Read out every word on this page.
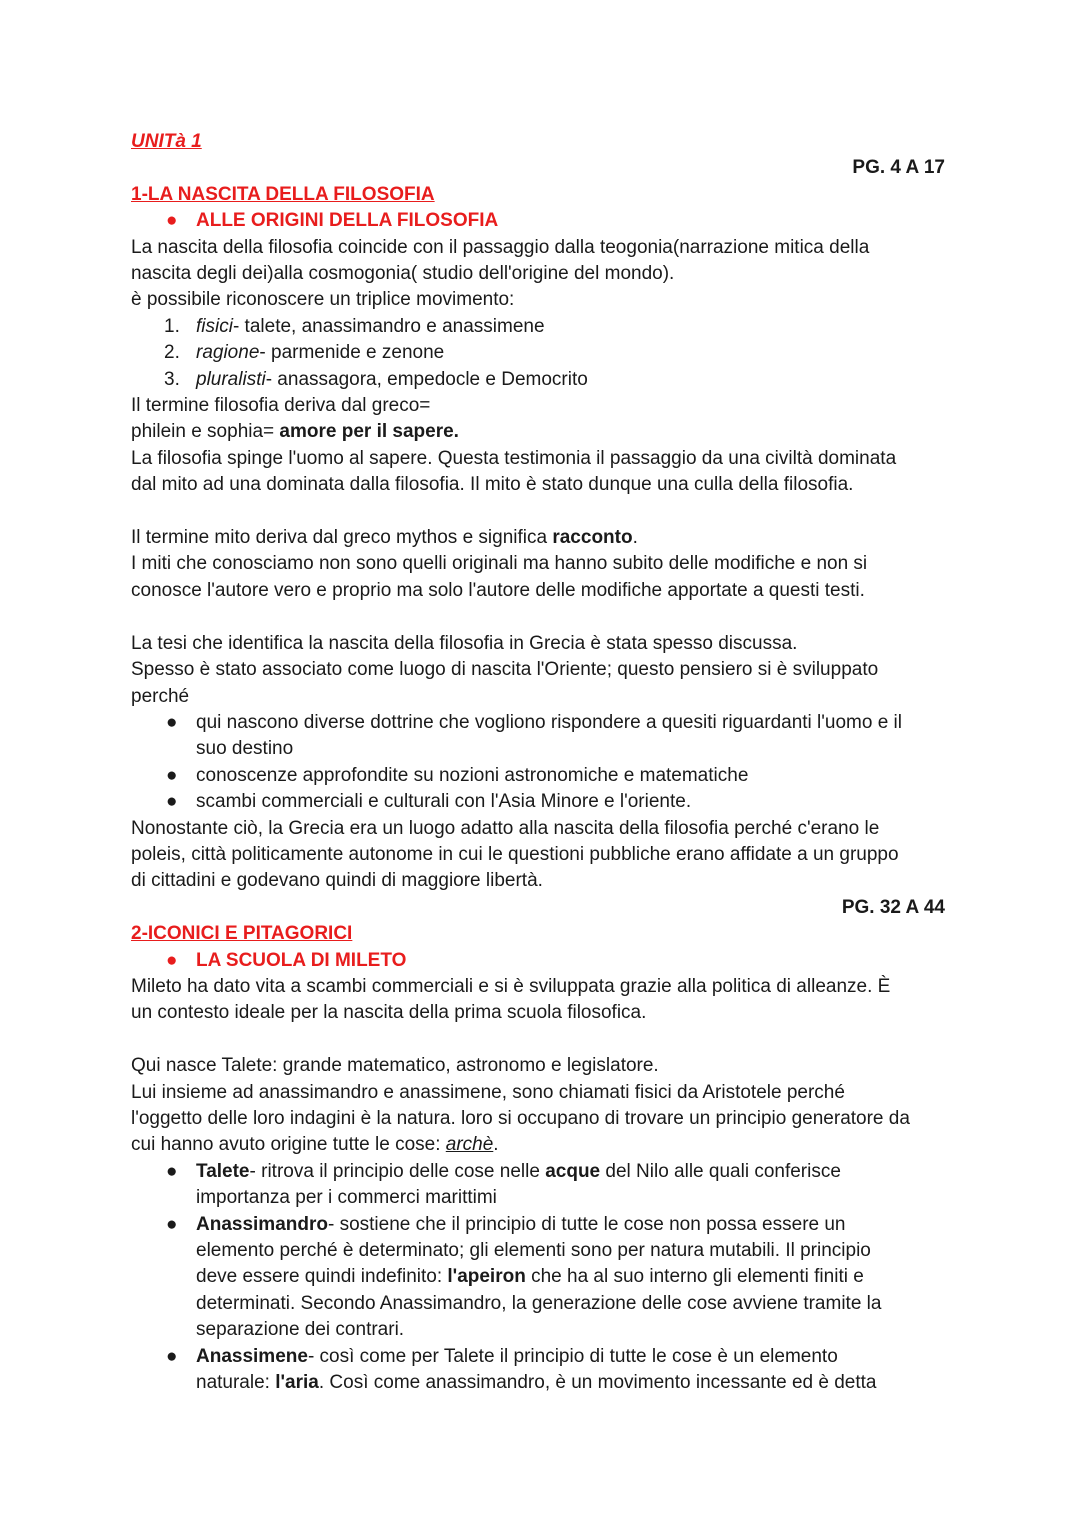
UNITà 1
PG. 4 A 17
1-LA NASCITA DELLA FILOSOFIA
● ALLE ORIGINI DELLA FILOSOFIA
La nascita della filosofia coincide con il passaggio dalla teogonia(narrazione mitica della
nascita degli dei)alla cosmogonia( studio dell'origine del mondo).
è possibile riconoscere un triplice movimento:
1. fisici- talete, anassimandro e anassimene
2. ragione- parmenide e zenone
3. pluralisti- anassagora, empedocle e Democrito
Il termine filosofia deriva dal greco=
philein e sophia= amore per il sapere.
La filosofia spinge l'uomo al sapere. Questa testimonia il passaggio da una civiltà dominata
dal mito ad una dominata dalla filosofia. Il mito è stato dunque una culla della filosofia.
Il termine mito deriva dal greco mythos e significa racconto.
I miti che conosciamo non sono quelli originali ma hanno subito delle modifiche e non si
conosce l'autore vero e proprio ma solo l'autore delle modifiche apportate a questi testi.
La tesi che identifica la nascita della filosofia in Grecia è stata spesso discussa.
Spesso è stato associato come luogo di nascita l'Oriente; questo pensiero si è sviluppato
perché
● qui nascono diverse dottrine che vogliono rispondere a quesiti riguardanti l'uomo e il
suo destino
● conoscenze approfondite su nozioni astronomiche e matematiche
● scambi commerciali e culturali con l'Asia Minore e l'oriente.
Nonostante ciò, la Grecia era un luogo adatto alla nascita della filosofia perché c'erano le
poleis, città politicamente autonome in cui le questioni pubbliche erano affidate a un gruppo
di cittadini e godevano quindi di maggiore libertà.
PG. 32 A 44
2-ICONICI E PITAGORICI
● LA SCUOLA DI MILETO
Mileto ha dato vita a scambi commerciali e si è sviluppata grazie alla politica di alleanze. È
un contesto ideale per la nascita della prima scuola filosofica.
Qui nasce Talete: grande matematico, astronomo e legislatore.
Lui insieme ad anassimandro e anassimene, sono chiamati fisici da Aristotele perché
l'oggetto delle loro indagini è la natura. loro si occupano di trovare un principio generatore da
cui hanno avuto origine tutte le cose: archè.
● Talete- ritrova il principio delle cose nelle acque del Nilo alle quali conferisce
importanza per i commerci marittimi
● Anassimandro- sostiene che il principio di tutte le cose non possa essere un
elemento perché è determinato; gli elementi sono per natura mutabili. Il principio
deve essere quindi indefinito: l'apeiron che ha al suo interno gli elementi finiti e
determinati. Secondo Anassimandro, la generazione delle cose avviene tramite la
separazione dei contrari.
● Anassimene- così come per Talete il principio di tutte le cose è un elemento
naturale: l'aria. Così come anassimandro, è un movimento incessante ed è detta
